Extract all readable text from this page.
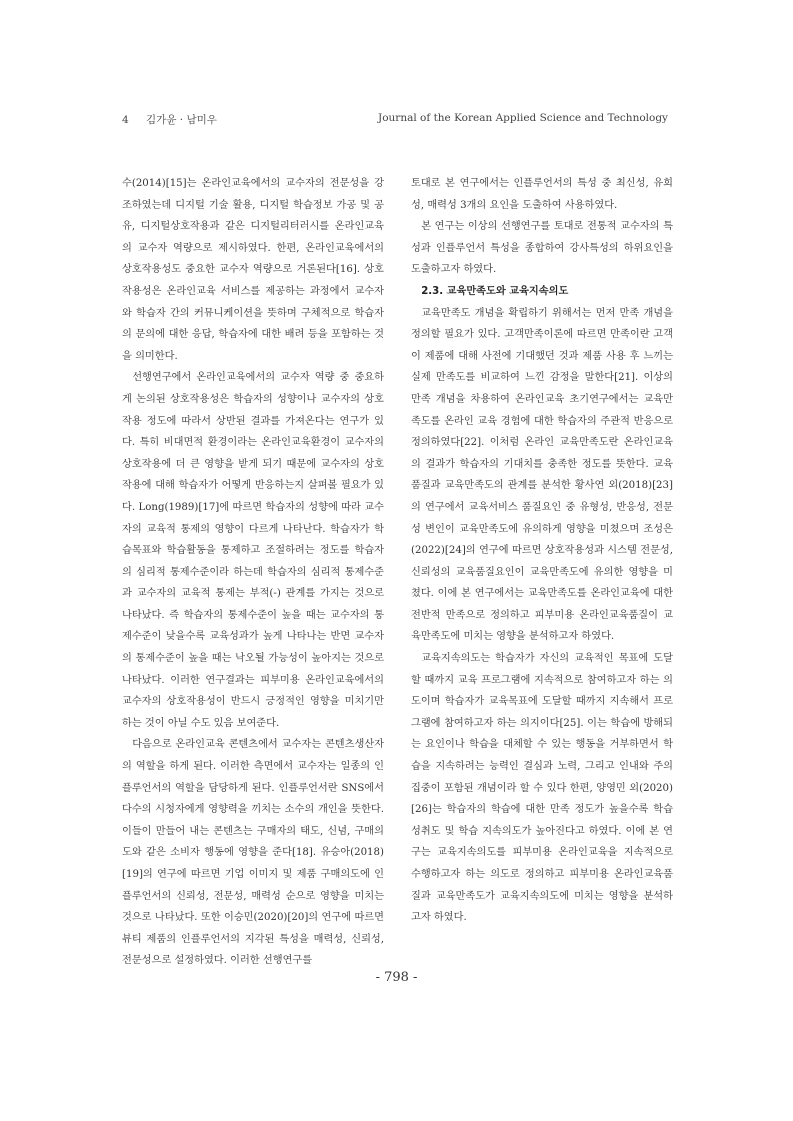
4 김가윤 · 남미우	Journal of the Korean Applied Science and Technology

수(2014)[15]는 온라인교육에서의 교수자의 전문성을 강조하였는데 디지털 기술 활용, 디지털 학습정보 가공 및 공유, 디지털상호작용과 같은 디지털리터러시를 온라인교육의 교수자 역량으로 제시하였다. 한편, 온라인교육에서의 상호작용성도 중요한 교수자 역량으로 거론된다[16]. 상호작용성은 온라인교육 서비스를 제공하는 과정에서 교수자와 학습자 간의 커뮤니케이션을 뜻하며 구체적으로 학습자의 문의에 대한 응답, 학습자에 대한 배려 등을 포함하는 것을 의미한다.

선행연구에서 온라인교육에서의 교수자 역량 중 중요하게 논의된 상호작용성은 학습자의 성향이나 교수자의 상호작용 정도에 따라서 상반된 결과를 가져온다는 연구가 있다. 특히 비대면적 환경이라는 온라인교육환경이 교수자의 상호작용에 더 큰 영향을 받게 되기 때문에 교수자의 상호작용에 대해 학습자가 어떻게 반응하는지 살펴볼 필요가 있다. Long(1989)[17]에 따르면 학습자의 성향에 따라 교수자의 교육적 통제의 영향이 다르게 나타난다. 학습자가 학습목표와 학습활동을 통제하고 조절하려는 정도를 학습자의 심리적 통제수준이라 하는데 학습자의 심리적 통제수준과 교수자의 교육적 통제는 부적(-) 관계를 가지는 것으로 나타났다. 즉 학습자의 통제수준이 높을 때는 교수자의 통제수준이 낮을수록 교육성과가 높게 나타나는 반면 교수자의 통제수준이 높을 때는 낙오될 가능성이 높아지는 것으로 나타났다. 이러한 연구결과는 피부미용 온라인교육에서의 교수자의 상호작용성이 반드시 긍정적인 영향을 미치기만 하는 것이 아닐 수도 있음 보여준다.

다음으로 온라인교육 콘텐츠에서 교수자는 콘텐츠생산자의 역할을 하게 된다. 이러한 측면에서 교수자는 일종의 인플루언서의 역할을 담당하게 된다. 인플루언서란 SNS에서 다수의 시청자에게 영향력을 끼치는 소수의 개인을 뜻한다. 이들이 만들어 내는 콘텐츠는 구매자의 태도, 신념, 구매의도와 같은 소비자 행동에 영향을 준다[18]. 유승아(2018)[19]의 연구에 따르면 기업 이미지 및 제품 구매의도에 인플루언서의 신뢰성, 전문성, 매력성 순으로 영향을 미치는 것으로 나타났다. 또한 이승민(2020)[20]의 연구에 따르면 뷰티 제품의 인플루언서의 지각된 특성을 매력성, 신뢰성, 전문성으로 설정하였다. 이러한 선행연구를

토대로 본 연구에서는 인플루언서의 특성 중 최신성, 유희성, 매력성 3개의 요인을 도출하여 사용하였다.

본 연구는 이상의 선행연구를 토대로 전통적 교수자의 특성과 인플루언서 특성을 종합하여 강사특성의 하위요인을 도출하고자 하였다.

2.3. 교육만족도와 교육지속의도

교육만족도 개념을 확립하기 위해서는 먼저 만족 개념을 정의할 필요가 있다. 고객만족이론에 따르면 만족이란 고객이 제품에 대해 사전에 기대했던 것과 제품 사용 후 느끼는 실제 만족도를 비교하여 느낀 감정을 말한다[21]. 이상의 만족 개념을 차용하여 온라인교육 초기연구에서는 교육만족도를 온라인 교육 경험에 대한 학습자의 주관적 반응으로 정의하였다[22]. 이처럼 온라인 교육만족도란 온라인교육의 결과가 학습자의 기대치를 충족한 정도를 뜻한다. 교육품질과 교육만족도의 관계를 분석한 황사연 외(2018)[23]의 연구에서 교육서비스 품질요인 중 유형성, 반응성, 전문성 변인이 교육만족도에 유의하게 영향을 미쳤으며 조성은(2022)[24]의 연구에 따르면 상호작용성과 시스템 전문성, 신뢰성의 교육품질요인이 교육만족도에 유의한 영향을 미쳤다. 이에 본 연구에서는 교육만족도를 온라인교육에 대한 전반적 만족으로 정의하고 피부미용 온라인교육품질이 교육만족도에 미치는 영향을 분석하고자 하였다.

교육지속의도는 학습자가 자신의 교육적인 목표에 도달할 때까지 교육 프로그램에 지속적으로 참여하고자 하는 의도이며 학습자가 교육목표에 도달할 때까지 지속해서 프로그램에 참여하고자 하는 의지이다[25]. 이는 학습에 방해되는 요인이나 학습을 대체할 수 있는 행동을 거부하면서 학습을 지속하려는 능력인 결심과 노력, 그리고 인내와 주의집중이 포함된 개념이라 할 수 있다 한편, 양영민 외(2020)[26]는 학습자의 학습에 대한 만족 정도가 높을수록 학습 성취도 및 학습 지속의도가 높아진다고 하였다. 이에 본 연구는 교육지속의도를 피부미용 온라인교육을 지속적으로 수행하고자 하는 의도로 정의하고 피부미용 온라인교육품질과 교육만족도가 교육지속의도에 미치는 영향을 분석하고자 하였다.

- 798 -
